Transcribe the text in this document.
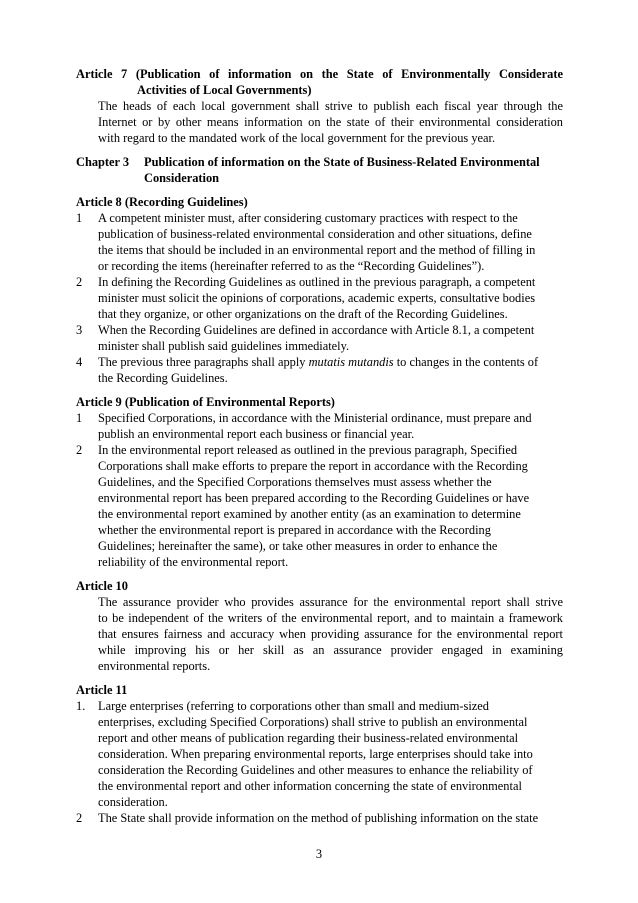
Article 7 (Publication of information on the State of Environmentally Considerate
Activities of Local Governments)
The heads of each local government shall strive to publish each fiscal year through the
Internet or by other means information on the state of their environmental consideration
with regard to the mandated work of the local government for the previous year.
Chapter 3 Publication of information on the State of Business-Related Environmental
Consideration
Article 8 (Recording Guidelines)
1	A competent minister must, after considering customary practices with respect to the
publication of business-related environmental consideration and other situations, define
the items that should be included in an environmental report and the method of filling in
or recording the items (hereinafter referred to as the “Recording Guidelines”).
2	In defining the Recording Guidelines as outlined in the previous paragraph, a competent
minister must solicit the opinions of corporations, academic experts, consultative bodies
that they organize, or other organizations on the draft of the Recording Guidelines.
3	When the Recording Guidelines are defined in accordance with Article 8.1, a competent
minister shall publish said guidelines immediately.
4	The previous three paragraphs shall apply mutatis mutandis to changes in the contents of
the Recording Guidelines.
Article 9 (Publication of Environmental Reports)
1	Specified Corporations, in accordance with the Ministerial ordinance, must prepare and
publish an environmental report each business or financial year.
2	In the environmental report released as outlined in the previous paragraph, Specified
Corporations shall make efforts to prepare the report in accordance with the Recording
Guidelines, and the Specified Corporations themselves must assess whether the
environmental report has been prepared according to the Recording Guidelines or have
the environmental report examined by another entity (as an examination to determine
whether the environmental report is prepared in accordance with the Recording
Guidelines; hereinafter the same), or take other measures in order to enhance the
reliability of the environmental report.
Article 10
The assurance provider who provides assurance for the environmental report shall strive
to be independent of the writers of the environmental report, and to maintain a framework
that ensures fairness and accuracy when providing assurance for the environmental report
while improving his or her skill as an assurance provider engaged in examining
environmental reports.
Article 11
1.	Large enterprises (referring to corporations other than small and medium-sized
enterprises, excluding Specified Corporations) shall strive to publish an environmental
report and other means of publication regarding their business-related environmental
consideration. When preparing environmental reports, large enterprises should take into
consideration the Recording Guidelines and other measures to enhance the reliability of
the environmental report and other information concerning the state of environmental
consideration.
2	The State shall provide information on the method of publishing information on the state
3
